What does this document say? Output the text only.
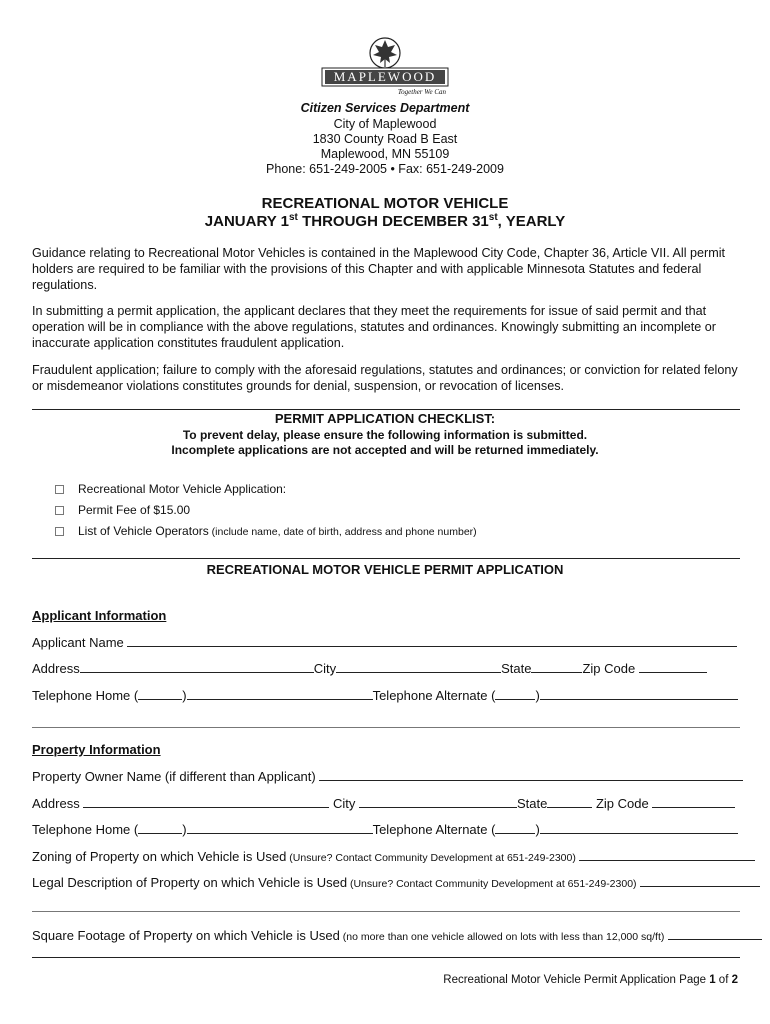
MAPLEWOOD
Together We Can
Citizen Services Department
City of Maplewood
1830 County Road B East
Maplewood, MN 55109
Phone: 651-249-2005 • Fax: 651-249-2009
RECREATIONAL MOTOR VEHICLE
JANUARY 1st THROUGH DECEMBER 31st, YEARLY
Guidance relating to Recreational Motor Vehicles is contained in the Maplewood City Code, Chapter 36, Article VII. All permit holders are required to be familiar with the provisions of this Chapter and with applicable Minnesota Statutes and federal regulations.
In submitting a permit application, the applicant declares that they meet the requirements for issue of said permit and that operation will be in compliance with the above regulations, statutes and ordinances. Knowingly submitting an incomplete or inaccurate application constitutes fraudulent application.
Fraudulent application; failure to comply with the aforesaid regulations, statutes and ordinances; or conviction for related felony or misdemeanor violations constitutes grounds for denial, suspension, or revocation of licenses.
PERMIT APPLICATION CHECKLIST:
To prevent delay, please ensure the following information is submitted.
Incomplete applications are not accepted and will be returned immediately.
Recreational Motor Vehicle Application:
Permit Fee of $15.00
List of Vehicle Operators (include name, date of birth, address and phone number)
RECREATIONAL MOTOR VEHICLE PERMIT APPLICATION
Applicant Information
Applicant Name
Address	City	State	Zip Code
Telephone Home (	)	Telephone Alternate (	)
Property Information
Property Owner Name (if different than Applicant)
Address	City	State	Zip Code
Telephone Home (	)	Telephone Alternate (	)
Zoning of Property on which Vehicle is Used (Unsure? Contact Community Development at 651-249-2300)
Legal Description of Property on which Vehicle is Used (Unsure? Contact Community Development at 651-249-2300)
Square Footage of Property on which Vehicle is Used (no more than one vehicle allowed on lots with less than 12,000 sq/ft)
Recreational Motor Vehicle Permit Application Page 1 of 2
